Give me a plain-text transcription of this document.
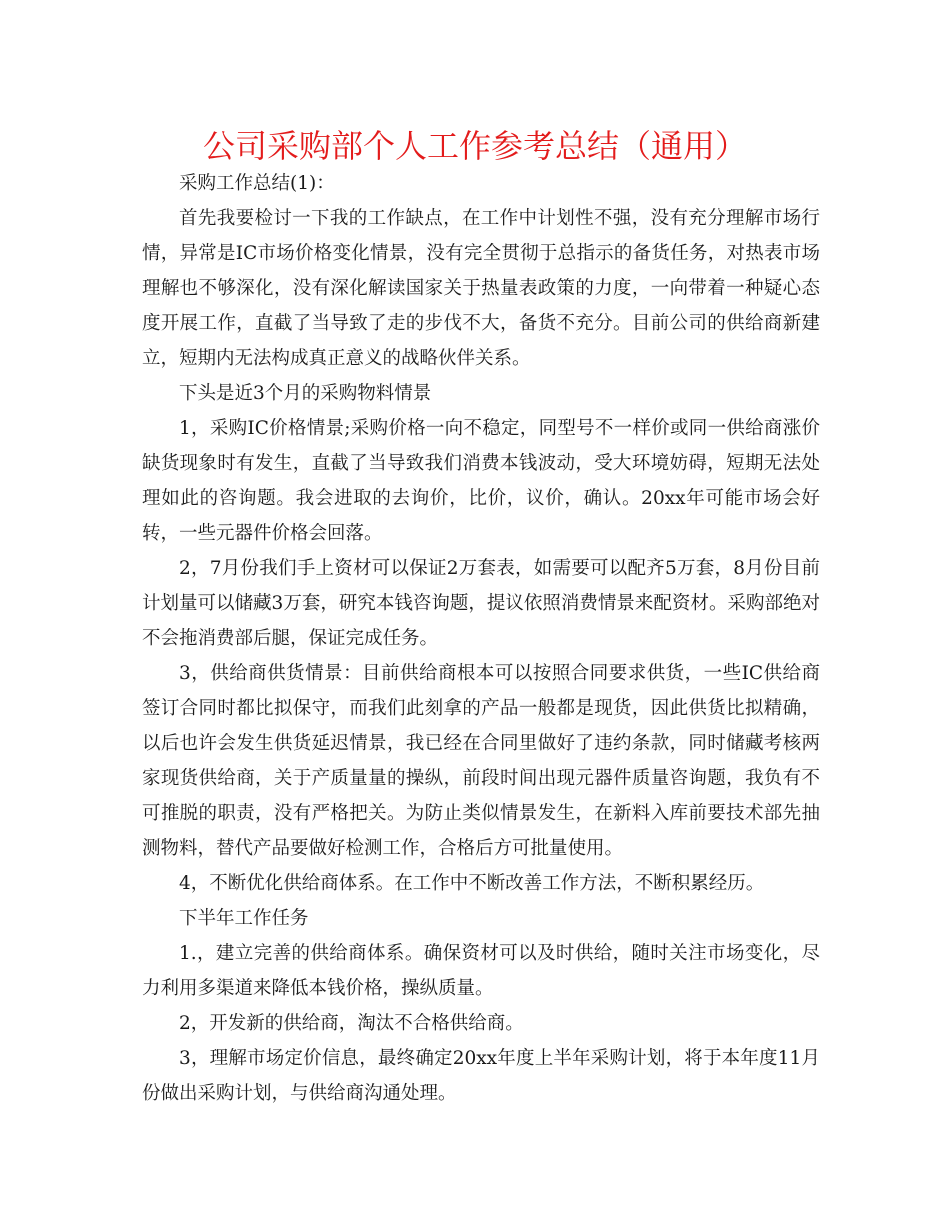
公司采购部个人工作参考总结（通用）

采购工作总结(1)：

首先我要检讨一下我的工作缺点，在工作中计划性不强，没有充分理解市场行情，异常是IC市场价格变化情景，没有完全贯彻于总指示的备货任务，对热表市场理解也不够深化，没有深化解读国家关于热量表政策的力度，一向带着一种疑心态度开展工作，直截了当导致了走的步伐不大，备货不充分。目前公司的供给商新建立，短期内无法构成真正意义的战略伙伴关系。

下头是近3个月的采购物料情景

1，采购IC价格情景;采购价格一向不稳定，同型号不一样价或同一供给商涨价缺货现象时有发生，直截了当导致我们消费本钱波动，受大环境妨碍，短期无法处理如此的咨询题。我会进取的去询价，比价，议价，确认。20xx年可能市场会好转，一些元器件价格会回落。

2，7月份我们手上资材可以保证2万套表，如需要可以配齐5万套，8月份目前计划量可以储藏3万套，研究本钱咨询题，提议依照消费情景来配资材。采购部绝对不会拖消费部后腿，保证完成任务。

3，供给商供货情景：目前供给商根本可以按照合同要求供货，一些IC供给商签订合同时都比拟保守，而我们此刻拿的产品一般都是现货，因此供货比拟精确，以后也许会发生供货延迟情景，我已经在合同里做好了违约条款，同时储藏考核两家现货供给商，关于产质量量的操纵，前段时间出现元器件质量咨询题，我负有不可推脱的职责，没有严格把关。为防止类似情景发生，在新料入库前要技术部先抽测物料，替代产品要做好检测工作，合格后方可批量使用。

4，不断优化供给商体系。在工作中不断改善工作方法，不断积累经历。

下半年工作任务

1.，建立完善的供给商体系。确保资材可以及时供给，随时关注市场变化，尽力利用多渠道来降低本钱价格，操纵质量。

2，开发新的供给商，淘汰不合格供给商。

3，理解市场定价信息，最终确定20xx年度上半年采购计划，将于本年度11月份做出采购计划，与供给商沟通处理。
